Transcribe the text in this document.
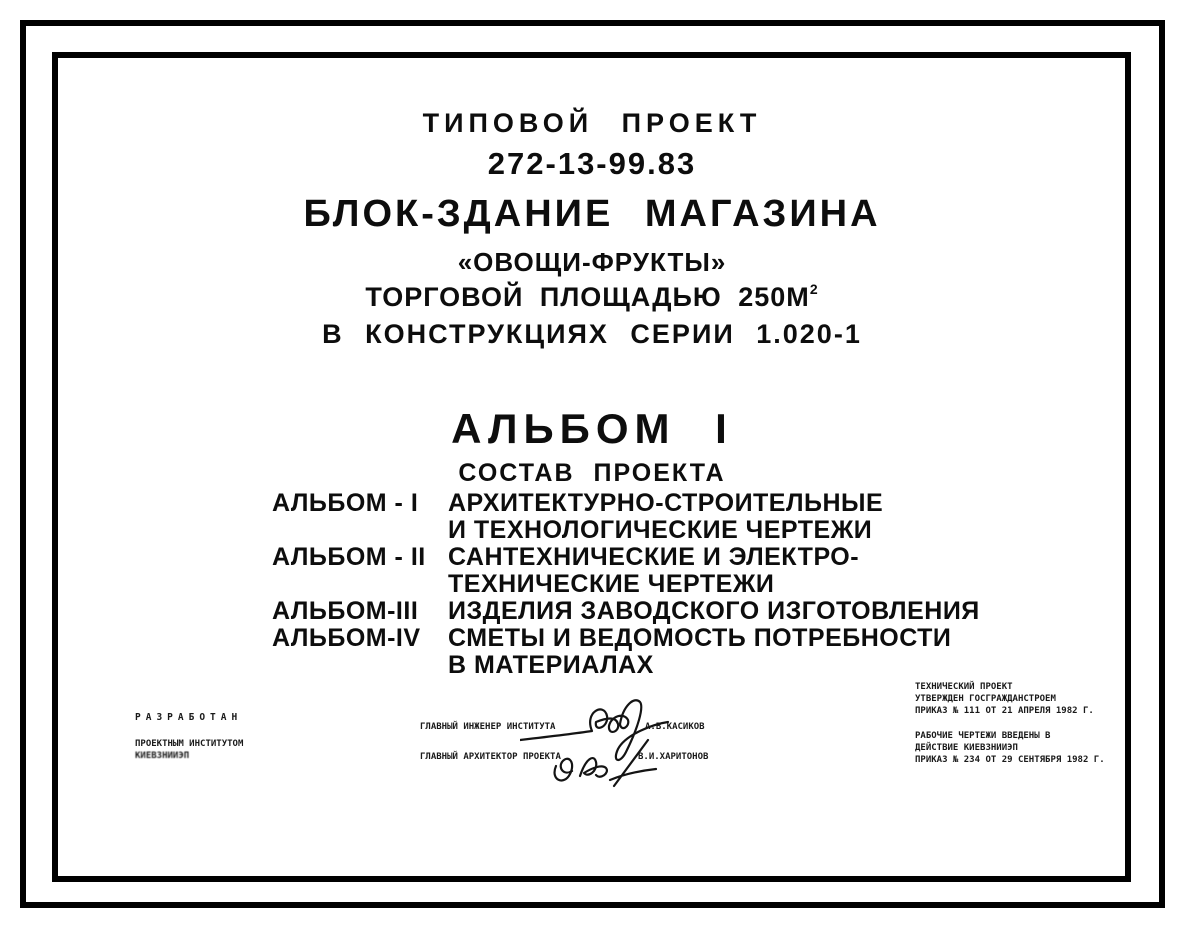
ТИПОВОЙ ПРОЕКТ
272-13-99.83
БЛОК-ЗДАНИЕ МАГАЗИНА
«ОВОЩИ-ФРУКТЫ»
ТОРГОВОЙ ПЛОЩАДЬЮ $250М^2$
В КОНСТРУКЦИЯХ СЕРИИ 1.020-1
АЛЬБОМ I
СОСТАВ ПРОЕКТА
АЛЬБОМ - I	АРХИТЕКТУРНО-СТРОИТЕЛЬНЫЕ
И ТЕХНОЛОГИЧЕСКИЕ ЧЕРТЕЖИ
АЛЬБОМ - II САНТЕХНИЧЕСКИЕ И ЭЛЕКТРО-
ТЕХНИЧЕСКИЕ ЧЕРТЕЖИ
АЛЬБОМ-III	ИЗДЕЛИЯ ЗАВОДСКОГО ИЗГОТОВЛЕНИЯ
АЛЬБОМ-IV	СМЕТЫ И ВЕДОМОСТЬ ПОТРЕБНОСТИ
В МАТЕРИАЛАХ
РАЗРАБОТАН
ПРОЕКТНЫМ ИНСТИТУТОМ
КИЕВЗНИИЭП
ГЛАВНЫЙ ИНЖЕНЕР ИНСТИТУТА	А.В.КАСИКОВ
ГЛАВНЫЙ АРХИТЕКТОР ПРОЕКТА	В.И.ХАРИТОНОВ
ТЕХНИЧЕСКИЙ ПРОЕКТ
УТВЕРЖДЕН ГОСГРАЖДАНСТРОЕМ
ПРИКАЗ № 111 ОТ 21 АПРЕЛЯ 1982 Г.
РАБОЧИЕ ЧЕРТЕЖИ ВВЕДЕНЫ В
ДЕЙСТВИЕ КИЕВЗНИИЭП
ПРИКАЗ № 234 ОТ 29 СЕНТЯБРЯ 1982 Г.
